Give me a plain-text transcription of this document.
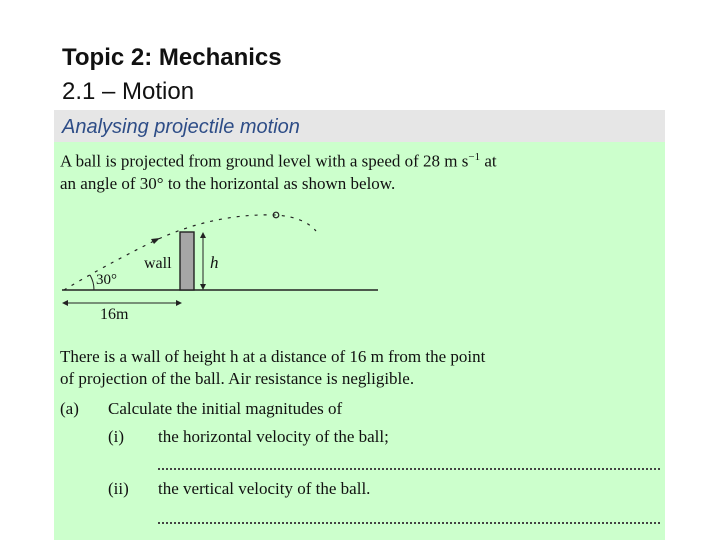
Topic 2: Mechanics
2.1 – Motion
Analysing projectile motion
A ball is projected from ground level with a speed of 28 m $s^{-1}$ at
an angle of 30° to the horizontal as shown below.
30°
wall h
16m
There is a wall of height h at a distance of 16 m from the point
of projection of the ball. Air resistance is negligible.
(a) Calculate the initial magnitudes of
(i) the horizontal velocity of the ball;
(ii) the vertical velocity of the ball.
